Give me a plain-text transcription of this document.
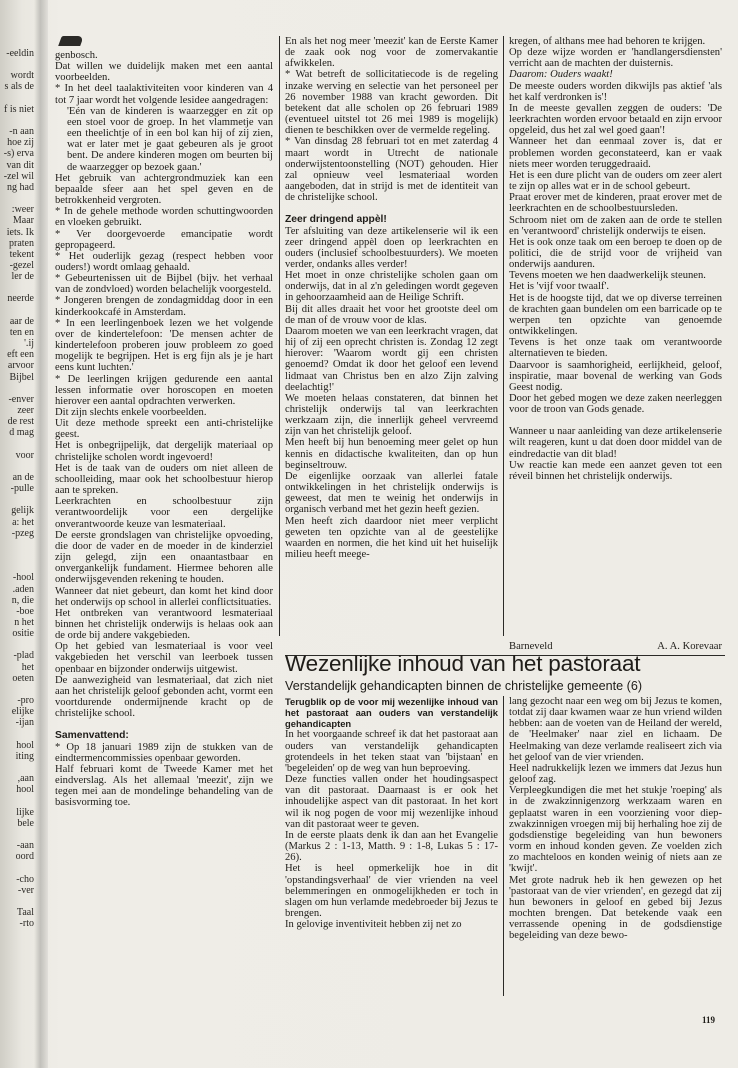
eeldin-

wordt
s als de

f is niet

n aan-
hoe zij
s) erva-
van dit
zel wil-
ng had

weer:
Maar
iets. Ik
praten
tekent
gezel-
ler de

neerde

aar de
ten en
ij.'
eft een
arvoor
Bijbel

enver-
zeer
de rest
d mag

voor

an de
pulle-

gelijk
a: het
pzeg-

hool-
aden.
n, die
boe-
n het
ositie

plad-
het
oeten

pro-
elijke
ijan-

hool
iting

aan,
hool

lijke
bele

aan-
oord

cho-
ver-

Taal
rto-

genbosch.

Dat willen we duidelijk maken met een aantal voorbeelden.

* In het deel taalaktiviteiten voor kinderen van 4 tot 7 jaar wordt het volgende lesidee aangedragen:

'Eén van de kinderen is waarzegger en zit op een stoel voor de groep. In het vlammetje van een theelichtje of in een bol kan hij of zij zien, wat er later met je gaat gebeuren als je groot bent. De andere kinderen mogen om beurten bij de waarzegger op bezoek gaan.'

Het gebruik van achtergrondmuziek kan een bepaalde sfeer aan het spel geven en de betrokkenheid vergroten.

* In de gehele methode worden schuttingwoorden en vloeken gebruikt.

* Ver doorgevoerde emancipatie wordt gepropageerd.

* Het ouderlijk gezag (respect hebben voor ouders!) wordt omlaag gehaald.

* Gebeurtenissen uit de Bijbel (bijv. het verhaal van de zondvloed) worden belachelijk voorgesteld.

* Jongeren brengen de zondagmiddag door in een kinderkookcafé in Amsterdam.

* In een leerlingenboek lezen we het volgende over de kindertelefoon: 'De mensen achter de kindertelefoon proberen jouw probleem zo goed mogelijk te begrijpen. Het is erg fijn als je je hart eens kunt luchten.'

* De leerlingen krijgen gedurende een aantal lessen informatie over horoscopen en moeten hierover een aantal opdrachten verwerken.

Dit zijn slechts enkele voorbeelden.

Uit deze methode spreekt een anti-christelijke geest.

Het is onbegrijpelijk, dat dergelijk materiaal op christelijke scholen wordt ingevoerd!

Het is de taak van de ouders om niet alleen de schoolleiding, maar ook het schoolbestuur hierop aan te spreken.

Leerkrachten en schoolbestuur zijn verantwoordelijk voor een dergelijke onverantwoorde keuze van lesmateriaal.

De eerste grondslagen van christelijke opvoeding, die door de vader en de moeder in de kinderziel zijn gelegd, zijn een onaantastbaar en onvergankelijk fundament. Hiermee behoren alle onderwijsgevenden rekening te houden.

Wanneer dat niet gebeurt, dan komt het kind door het onderwijs op school in allerlei conflictsituaties.

Het ontbreken van verantwoord lesmateriaal binnen het christelijk onderwijs is helaas ook aan de orde bij andere vakgebieden.

Op het gebied van lesmateriaal is voor veel vakgebieden het verschil van leerboek tussen openbaar en bijzonder onderwijs uitgewist.

De aanwezigheid van lesmateriaal, dat zich niet aan het christelijk geloof gebonden acht, vormt een voortdurende ondermijnende kracht op de christelijke school.

Samenvattend:

* Op 18 januari 1989 zijn de stukken van de eindtermencommissies openbaar geworden.

Half februari komt de Tweede Kamer met het eindverslag. Als het allemaal 'meezit', zijn we tegen mei aan de mondelinge behandeling van de basisvorming toe.

En als het nog meer 'meezit' kan de Eerste Kamer de zaak ook nog voor de zomervakantie afwikkelen.

* Wat betreft de sollicitatiecode is de regeling inzake werving en selectie van het personeel per 26 november 1988 van kracht geworden. Dit betekent dat alle scholen op 26 februari 1989 (eventueel uitstel tot 26 mei 1989 is mogelijk) dienen te beschikken over de vermelde regeling.

* Van dinsdag 28 februari tot en met zaterdag 4 maart wordt in Utrecht de nationale onderwijstentoonstelling (NOT) gehouden. Hier zal opnieuw veel lesmateriaal worden aangeboden, dat in strijd is met de identiteit van de christelijke school.

Zeer dringend appèl!

Ter afsluiting van deze artikelenserie wil ik een zeer dringend appèl doen op leerkrachten en ouders (inclusief schoolbestuurders). We moeten verder, ondanks alles verder!

Het moet in onze christelijke scholen gaan om onderwijs, dat in al z'n geledingen wordt gegeven in gehoorzaamheid aan de Heilige Schrift.

Bij dit alles draait het voor het grootste deel om de man of de vrouw voor de klas.

Daarom moeten we van een leerkracht vragen, dat hij of zij een oprecht christen is. Zondag 12 zegt hierover: 'Waarom wordt gij een christen genoemd? Omdat ik door het geloof een levend lidmaat van Christus ben en alzo Zijn zalving deelachtig!'

We moeten helaas constateren, dat binnen het christelijk onderwijs tal van leerkrachten werkzaam zijn, die innerlijk geheel vervreemd zijn van het christelijk geloof.

Men heeft bij hun benoeming meer gelet op hun kennis en didactische kwaliteiten, dan op hun beginseltrouw.

De eigenlijke oorzaak van allerlei fatale ontwikkelingen in het christelijk onderwijs is geweest, dat men te weinig het onderwijs in organisch verband met het gezin heeft gezien.

Men heeft zich daardoor niet meer verplicht geweten ten opzichte van al de geestelijke waarden en normen, die het kind uit het huiselijk milieu heeft meege-

kregen, of althans mee had behoren te krijgen.

Op deze wijze worden er 'handlangersdiensten' verricht aan de machten der duisternis.

Daarom: Ouders waakt!

De meeste ouders worden dikwijls pas aktief 'als het kalf verdronken is'!

In de meeste gevallen zeggen de ouders: 'De leerkrachten worden ervoor betaald en zijn ervoor opgeleid, dus het zal wel goed gaan'!

Wanneer het dan eenmaal zover is, dat er problemen worden geconstateerd, kan er vaak niets meer worden teruggedraaid.

Het is een dure plicht van de ouders om zeer alert te zijn op alles wat er in de school gebeurt.

Praat erover met de kinderen, praat erover met de leerkrachten en de schoolbestuursleden.

Schroom niet om de zaken aan de orde te stellen en 'verantwoord' christelijk onderwijs te eisen.

Het is ook onze taak om een beroep te doen op de politici, die de strijd voor de vrijheid van onderwijs aanduren.

Tevens moeten we hen daadwerkelijk steunen.

Het is 'vijf voor twaalf'.

Het is de hoogste tijd, dat we op diverse terreinen de krachten gaan bundelen om een barricade op te werpen ten opzichte van genoemde ontwikkelingen.

Tevens is het onze taak om verantwoorde alternatieven te bieden.

Daarvoor is saamhorigheid, eerlijkheid, geloof, inspiratie, maar bovenal de werking van Gods Geest nodig.

Door het gebed mogen we deze zaken neerleggen voor de troon van Gods genade.

Wanneer u naar aanleiding van deze artikelenserie wilt reageren, kunt u dat doen door middel van de eindredactie van dit blad!

Uw reactie kan mede een aanzet geven tot een réveil binnen het christelijk onderwijs.

Barneveld	A. A. Korevaar
Wezenlijke inhoud van het pastoraat
Verstandelijk gehandicapten binnen de christelijke gemeente (6)

Terugblik op de voor mij wezenlijke inhoud van het pastoraat aan ouders van verstandelijk gehandicapten

In het voorgaande schreef ik dat het pastoraat aan ouders van verstandelijk gehandicapten grotendeels in het teken staat van 'bijstaan' en 'begeleiden' op de weg van hun beproeving.

Deze functies vallen onder het houdingsaspect van dit pastoraat. Daarnaast is er ook het inhoudelijke aspect van dit pastoraat. In het kort wil ik nog pogen de voor mij wezenlijke inhoud van dit pastoraat weer te geven.

In de eerste plaats denk ik dan aan het Evangelie (Markus 2 : 1-13, Matth. 9 : 1-8, Lukas 5 : 17-26).

Het is heel opmerkelijk hoe in dit 'opstandingsverhaal' de vier vrienden na veel belemmeringen en onmogelijkheden er toch in slagen om hun verlamde medebroeder bij Jezus te brengen.

In gelovige inventiviteit hebben zij net zo

lang gezocht naar een weg om bij Jezus te komen, totdat zij daar kwamen waar ze hun vriend wilden hebben: aan de voeten van de Heiland der wereld, de 'Heelmaker' naar ziel en lichaam. De Heelmaking van deze verlamde realiseert zich via het geloof van de vier vrienden.

Heel nadrukkelijk lezen we immers dat Jezus hun geloof zag.

Verpleegkundigen die met het stukje 'roeping' als in de zwakzinnigenzorg werkzaam waren en geplaatst waren in een voorziening voor diep-zwakzinnigen vroegen mij bij herhaling hoe zij de godsdienstige begeleiding van hun bewoners vorm en inhoud konden geven. Ze voelden zich zo machteloos en konden weinig of niets aan ze 'kwijt'.

Met grote nadruk heb ik hen gewezen op het 'pastoraat van de vier vrienden', en gezegd dat zij hun bewoners in geloof en gebed bij Jezus mochten brengen. Dat betekende vaak een verrassende opening in de godsdienstige begeleiding van deze bewo-

119
